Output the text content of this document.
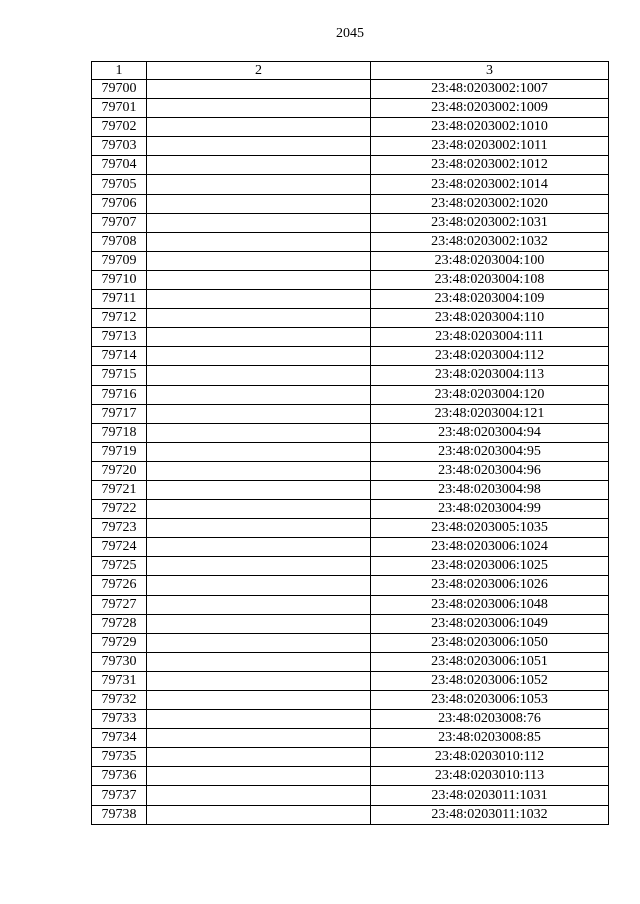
2045
1	2	3
79700		23:48:0203002:1007
79701		23:48:0203002:1009
79702		23:48:0203002:1010
79703		23:48:0203002:1011
79704		23:48:0203002:1012
79705		23:48:0203002:1014
79706		23:48:0203002:1020
79707		23:48:0203002:1031
79708		23:48:0203002:1032
79709		23:48:0203004:100
79710		23:48:0203004:108
79711		23:48:0203004:109
79712		23:48:0203004:110
79713		23:48:0203004:111
79714		23:48:0203004:112
79715		23:48:0203004:113
79716		23:48:0203004:120
79717		23:48:0203004:121
79718		23:48:0203004:94
79719		23:48:0203004:95
79720		23:48:0203004:96
79721		23:48:0203004:98
79722		23:48:0203004:99
79723		23:48:0203005:1035
79724		23:48:0203006:1024
79725		23:48:0203006:1025
79726		23:48:0203006:1026
79727		23:48:0203006:1048
79728		23:48:0203006:1049
79729		23:48:0203006:1050
79730		23:48:0203006:1051
79731		23:48:0203006:1052
79732		23:48:0203006:1053
79733		23:48:0203008:76
79734		23:48:0203008:85
79735		23:48:0203010:112
79736		23:48:0203010:113
79737		23:48:0203011:1031
79738		23:48:0203011:1032
